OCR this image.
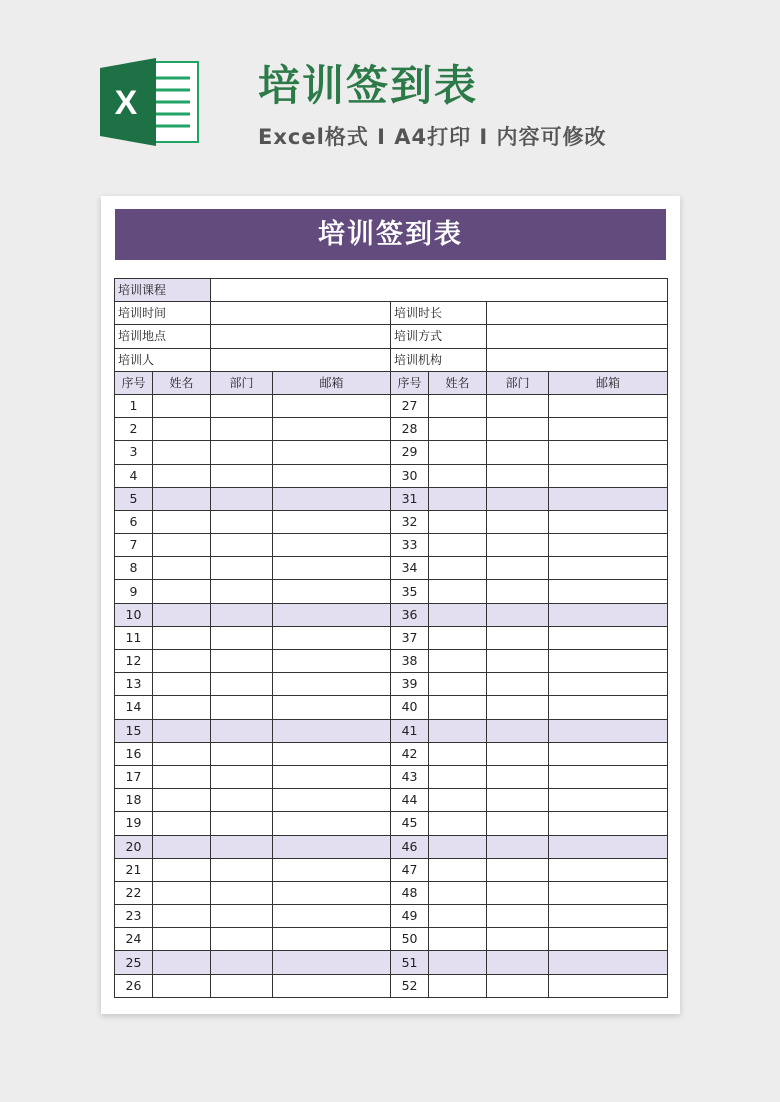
X	培训签到表
Excel格式 I A4打印 I 内容可修改
培训签到表
培训课程							
培训时间				培训时长			
培训地点				培训方式			
培训人				培训机构			
序号	姓名	部门	邮箱	序号	姓名	部门	邮箱
1				27			
2				28			
3				29			
4				30			
5				31			
6				32			
7				33			
8				34			
9				35			
10				36			
11				37			
12				38			
13				39			
14				40			
15				41			
16				42			
17				43			
18				44			
19				45			
20				46			
21				47			
22				48			
23				49			
24				50			
25				51			
26				52			
